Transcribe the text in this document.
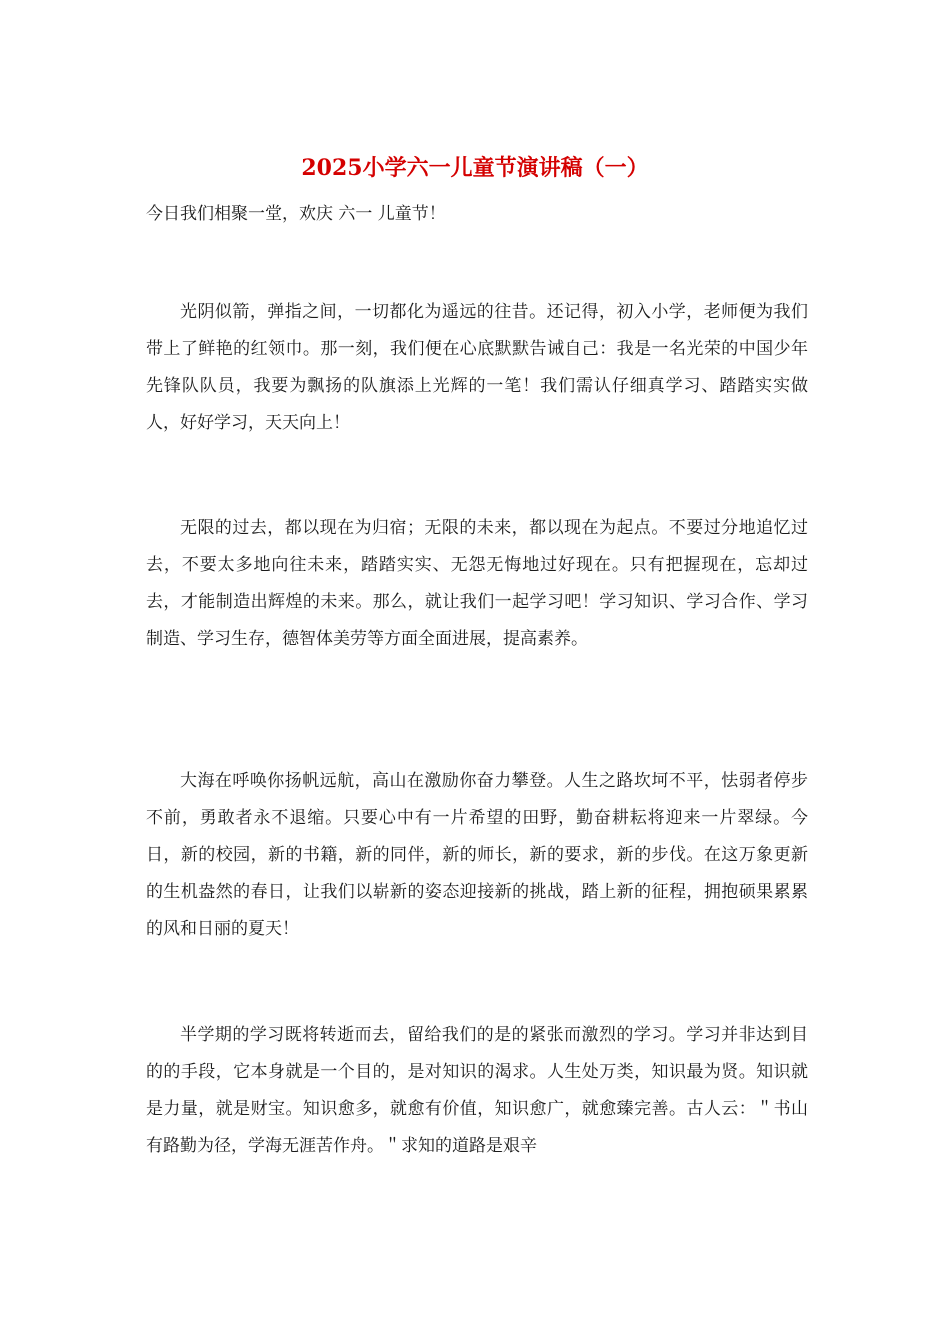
2025小学六一儿童节演讲稿（一）
今日我们相聚一堂，欢庆 六一 儿童节！

光阴似箭，弹指之间，一切都化为遥远的往昔。还记得，初入小学，老师便为我们带上了鲜艳的红领巾。那一刻，我们便在心底默默告诫自己：我是一名光荣的中国少年先锋队队员，我要为飘扬的队旗添上光辉的一笔！我们需认仔细真学习、踏踏实实做人，好好学习，天天向上！

无限的过去，都以现在为归宿；无限的未来，都以现在为起点。不要过分地追忆过去，不要太多地向往未来，踏踏实实、无怨无悔地过好现在。只有把握现在，忘却过去，才能制造出辉煌的未来。那么，就让我们一起学习吧！学习知识、学习合作、学习制造、学习生存，德智体美劳等方面全面进展，提高素养。

大海在呼唤你扬帆远航，高山在激励你奋力攀登。人生之路坎坷不平，怯弱者停步不前，勇敢者永不退缩。只要心中有一片希望的田野，勤奋耕耘将迎来一片翠绿。今日，新的校园，新的书籍，新的同伴，新的师长，新的要求，新的步伐。在这万象更新的生机盎然的春日，让我们以崭新的姿态迎接新的挑战，踏上新的征程，拥抱硕果累累的风和日丽的夏天！

半学期的学习既将转逝而去，留给我们的是的紧张而激烈的学习。学习并非达到目的的手段，它本身就是一个目的，是对知识的渴求。人生处万类，知识最为贤。知识就是力量，就是财宝。知识愈多，就愈有价值，知识愈广，就愈臻完善。古人云：＂书山有路勤为径，学海无涯苦作舟。＂求知的道路是艰辛
